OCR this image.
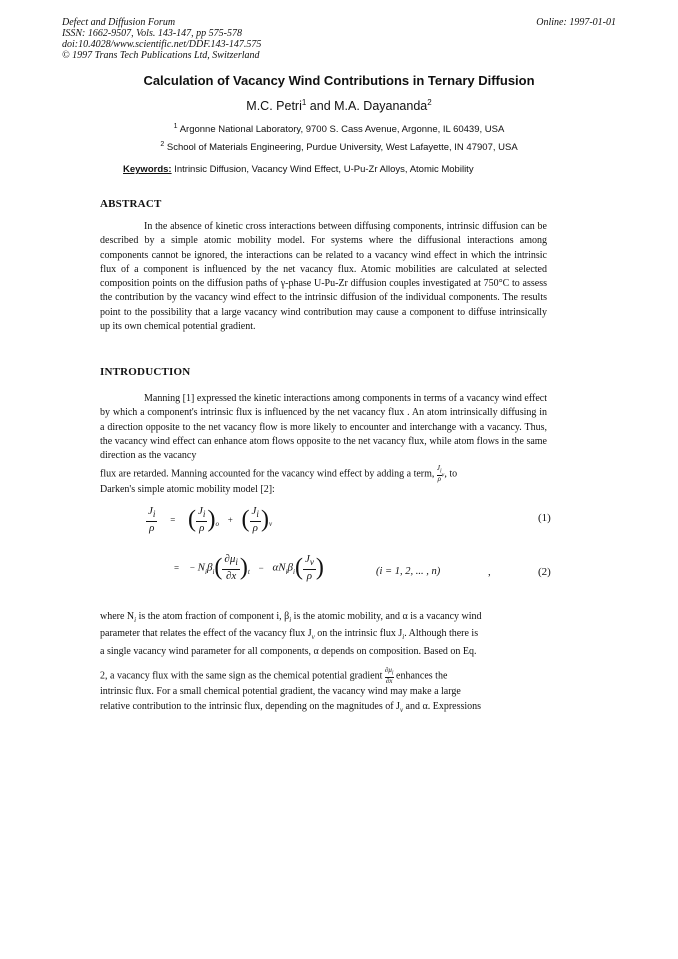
Defect and Diffusion Forum
ISSN: 1662-9507, Vols. 143-147, pp 575-578
doi:10.4028/www.scientific.net/DDF.143-147.575
© 1997 Trans Tech Publications Ltd, Switzerland
Online: 1997-01-01
Calculation of Vacancy Wind Contributions in Ternary Diffusion
M.C. Petri$^1$ and M.A. Dayananda$^2$
$^1$ Argonne National Laboratory, 9700 S. Cass Avenue, Argonne, IL 60439, USA
$^2$ School of Materials Engineering, Purdue University, West Lafayette, IN 47907, USA
Keywords: Intrinsic Diffusion, Vacancy Wind Effect, U-Pu-Zr Alloys, Atomic Mobility
ABSTRACT

In the absence of kinetic cross interactions between diffusing components, intrinsic diffusion can be described by a simple atomic mobility model. For systems where the diffusional interactions among components cannot be ignored, the interactions can be related to a vacancy wind effect in which the intrinsic flux of a component is influenced by the net vacancy flux. Atomic mobilities are calculated at selected composition points on the diffusion paths of γ-phase U-Pu-Zr diffusion couples investigated at 750°C to assess the contribution by the vacancy wind effect to the intrinsic diffusion of the individual components. The results point to the possibility that a large vacancy wind contribution may cause a component to diffuse intrinsically up its own chemical potential gradient.

INTRODUCTION

Manning [1] expressed the kinetic interactions among components in terms of a vacancy wind effect by which a component's intrinsic flux is influenced by the net vacancy flux . An atom intrinsically diffusing in a direction opposite to the net vacancy flow is more likely to encounter and interchange with a vacancy. Thus, the vacancy wind effect can enhance atom flows opposite to the net vacancy flux, while atom flows in the same direction as the vacancy

flux are retarded. Manning accounted for the vacancy wind effect by adding a term, $\frac{J_i}{\rho}v$, to
Darken's simple atomic mobility model [2]:
$\frac{J_i}{\rho}$ = ( $\frac{J_i}{\rho} )_o$ + ( $\frac{J_i}{\rho} )_v$	(1)
= − $N_i\beta_i( \frac{\partial\mu_i}{\partial x} )_t - \alpha N_i\beta_i( \frac{J_v}{\rho}$ )	(i = 1, 2, ... , n)	,	(2)
where $N_i$ is the atom fraction of component i, $\beta_i$ is the atomic mobility, and α is a vacancy wind
parameter that relates the effect of the vacancy flux $J_v$ on the intrinsic flux $J_i$. Although there is
a single vacancy wind parameter for all components, α depends on composition. Based on Eq.
2, a vacancy flux with the same sign as the chemical potential gradient $\frac{\partial\mu_i}{\partial x}$ enhances the
intrinsic flux. For a small chemical potential gradient, the vacancy wind may make a large
relative contribution to the intrinsic flux, depending on the magnitudes of $J_v$ and α. Expressions
